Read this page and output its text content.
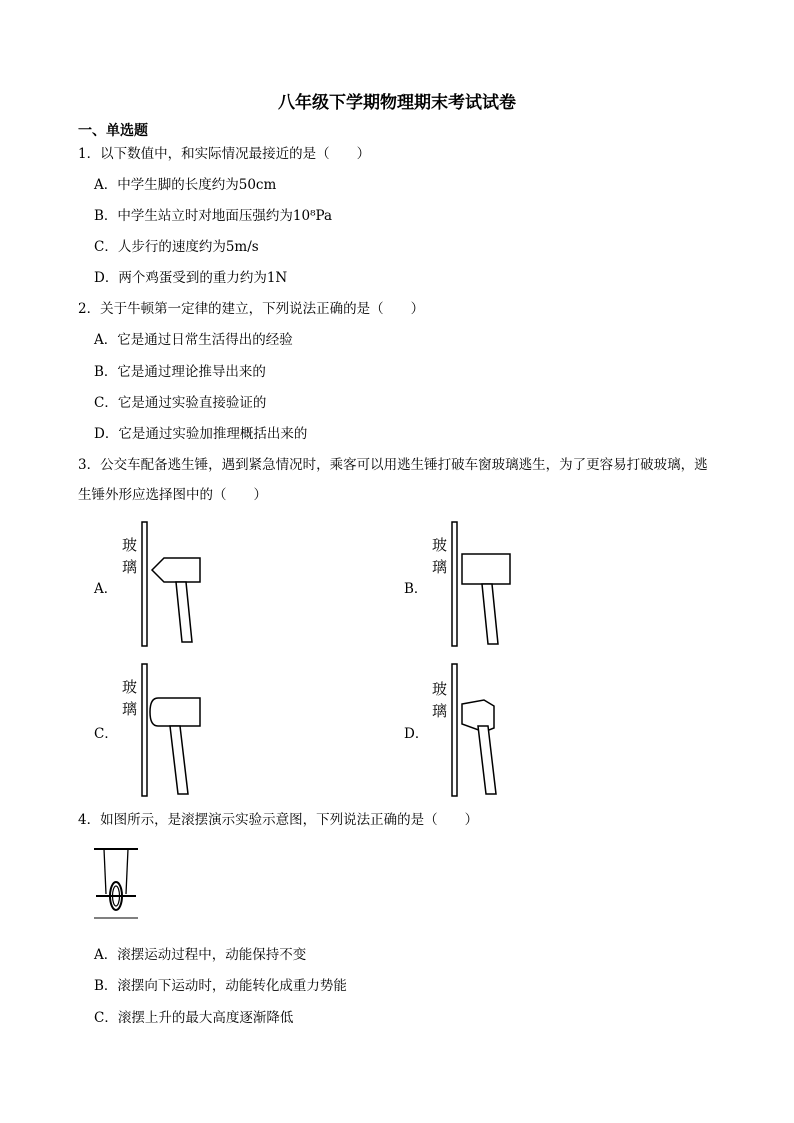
八年级下学期物理期末考试试卷
一、单选题
1．以下数值中，和实际情况最接近的是（　　）
A．中学生脚的长度约为50cm
B．中学生站立时对地面压强约为10⁸Pa
C．人步行的速度约为5m/s
D．两个鸡蛋受到的重力约为1N
2．关于牛顿第一定律的建立，下列说法正确的是（　　）
A．它是通过日常生活得出的经验
B．它是通过理论推导出来的
C．它是通过实验直接验证的
D．它是通过实验加推理概括出来的
3．公交车配备逃生锤，遇到紧急情况时，乘客可以用逃生锤打破车窗玻璃逃生，为了更容易打破玻璃，逃生锤外形应选择图中的（　　）
A．	B．
C．	D．
玻
璃
玻
璃
玻
璃
玻
璃
4．如图所示，是滚摆演示实验示意图，下列说法正确的是（　　）
A．滚摆运动过程中，动能保持不变
B．滚摆向下运动时，动能转化成重力势能
C．滚摆上升的最大高度逐渐降低
